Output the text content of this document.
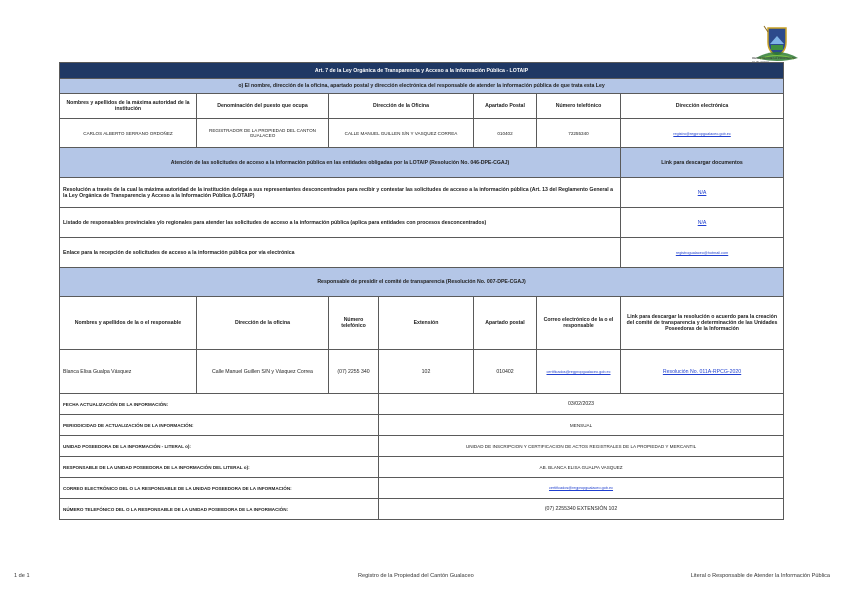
REGISTRO DE LA PROPIEDAD
Art. 7 de la Ley Orgánica de Transparencia y Acceso a la Información Pública - LOTAIP						
o) El nombre, dirección de la oficina, apartado postal y dirección electrónica del responsable de atender la información pública de que trata esta Ley						
Nombres y apellidos de la máxima autoridad de la institución	Denominación del puesto que ocupa	Dirección de la Oficina		Apartado Postal	Número telefónico	Dirección electrónica
CARLOS ALBERTO SERRANO ORDOÑEZ	REGISTRADOR DE LA PROPIEDAD DEL CANTON GUALACEO	CALLE MANUEL GUILLEN S/N Y VASQUEZ CORREA		010402	72255340	registro@regpropgualaceo.gob.ec
Atención de las solicitudes de acceso a la información pública en las entidades obligadas por la LOTAIP (Resolución No. 046-DPE-CGAJ)						Link para descargar documentos
Resolución a través de la cual la máxima autoridad de la institución delega a sus representantes desconcentrados para recibir y contestar las solicitudes de acceso a la información pública (Art. 13 del Reglamento General a la Ley Orgánica de Transparencia y Acceso a la Información Pública (LOTAIP)						N/A
Listado de responsables provinciales y/o regionales para atender las solicitudes de acceso a la información pública (aplica para entidades con procesos desconcentrados)						N/A
Enlace para la recepción de solicitudes de acceso a la información pública por vía electrónica						registrogualaceo@hotmail.com
Responsable de presidir el comité de transparencia (Resolución No. 007-DPE-CGAJ)						
Nombres y apellidos de la o el responsable	Dirección de la oficina	Número telefónico	Extensión	Apartado postal	Correo electrónico de la o el responsable	Link para descargar la resolución o acuerdo para la creación del comité de transparencia y determinación de las Unidades Poseedoras de la Información
Blanca Elisa Gualpa Vásquez	Calle Manuel Guillen S/N y Vásquez Correa	(07) 2255 340	102	010402	certificados@regpropgualaceo.gob.ec	Resolución No. 011A-RPCG-2020
FECHA ACTUALIZACIÓN DE LA INFORMACIÓN:			03/02/2023			
PERIODICIDAD DE ACTUALIZACIÓN DE LA INFORMACIÓN:			MENSUAL			
UNIDAD POSEEDORA DE LA INFORMACIÓN - LITERAL o):			UNIDAD DE INSCRIPCION Y CERTIFICACION DE ACTOS REGISTRALES DE LA PROPIEDAD Y MERCANTIL			
RESPONSABLE DE LA UNIDAD POSEEDORA DE LA INFORMACIÓN DEL LITERAL o):			AB. BLANCA ELISA GUALPA VASQUEZ			
CORREO ELECTRÓNICO DEL O LA RESPONSABLE DE LA UNIDAD POSEEDORA DE LA INFORMACIÓN:			certificados@regpropgualaceo.gob.ec			
NÚMERO TELEFÓNICO DEL O LA RESPONSABLE DE LA UNIDAD POSEEDORA DE LA INFORMACIÓN:			(07) 2255340 EXTENSIÓN 102			
1 de 1	Registro de la Propiedad del Cantón Gualaceo	Literal o Responsable de Atender la Información Pública
